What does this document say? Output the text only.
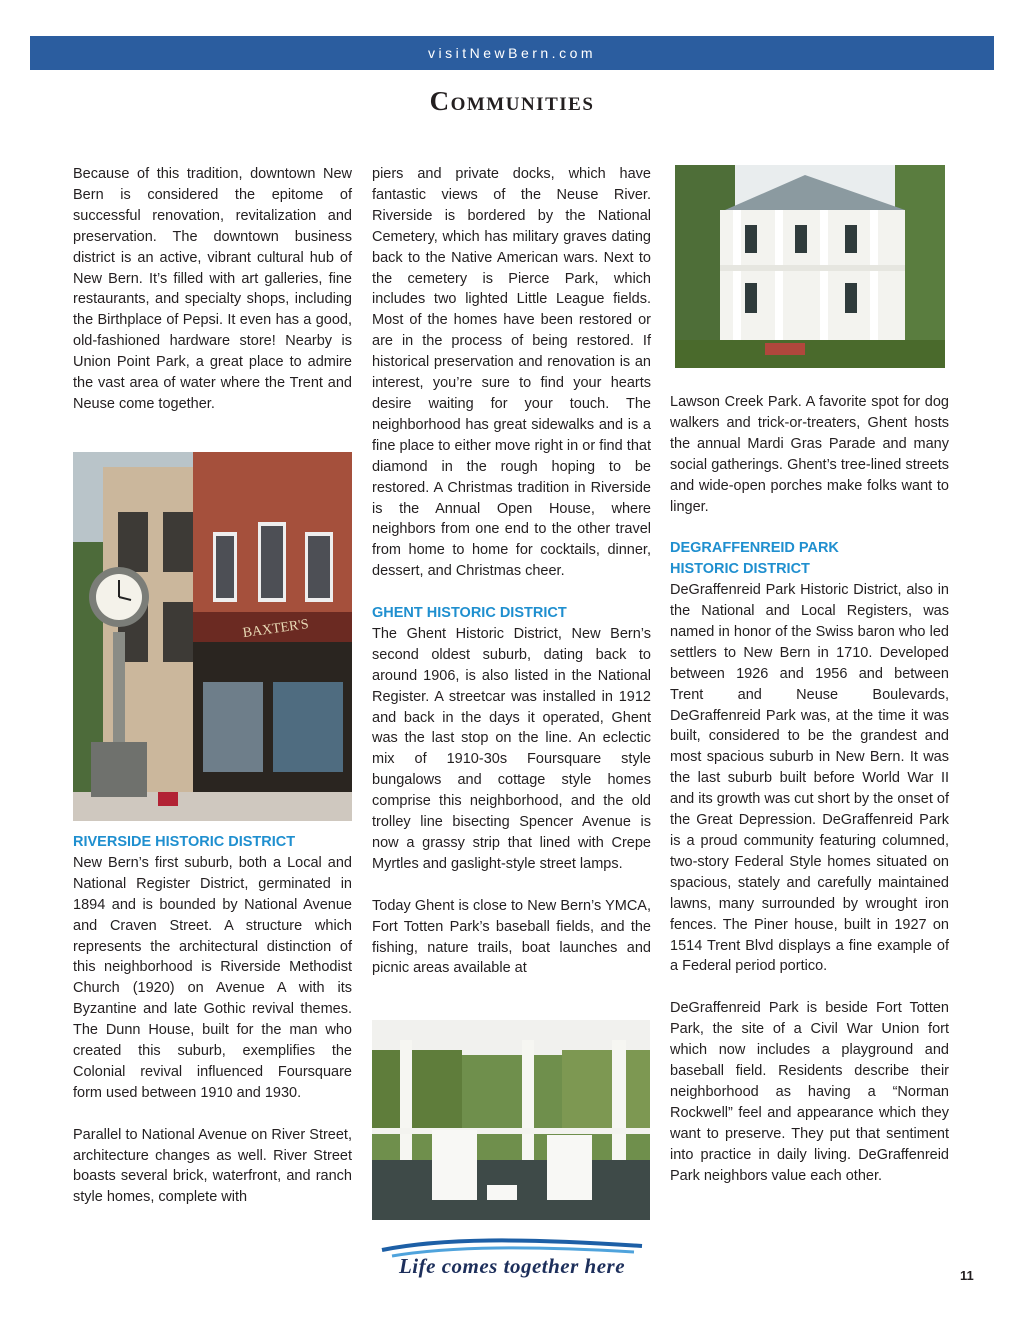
visitNewBern.com
Communities

Because of this tradition, downtown New Bern is considered the epitome of successful renovation, revitalization and preservation. The downtown business district is an active, vibrant cultural hub of New Bern. It’s filled with art galleries, fine restaurants, and specialty shops, including the Birthplace of Pepsi. It even has a good, old-fashioned hardware store! Nearby is Union Point Park, a great place to admire the vast area of water where the Trent and Neuse come together.

BAXTER'S

RIVERSIDE HISTORIC DISTRICT

New Bern’s first suburb, both a Local and National Register District, germinated in 1894 and is bounded by National Avenue and Craven Street. A structure which represents the architectural distinction of this neighborhood is Riverside Methodist Church (1920) on Avenue A with its Byzantine and late Gothic revival themes. The Dunn House, built for the man who created this suburb, exemplifies the Colonial revival influenced Foursquare form used between 1910 and 1930.

Parallel to National Avenue on River Street, architecture changes as well. River Street boasts several brick, waterfront, and ranch style homes, complete with

piers and private docks, which have fantastic views of the Neuse River. Riverside is bordered by the National Cemetery, which has military graves dating back to the Native American wars. Next to the cemetery is Pierce Park, which includes two lighted Little League fields. Most of the homes have been restored or are in the process of being restored. If historical preservation and renovation is an interest, you’re sure to find your hearts desire waiting for your touch. The neighborhood has great sidewalks and is a fine place to either move right in or find that diamond in the rough hoping to be restored. A Christmas tradition in Riverside is the Annual Open House, where neighbors from one end to the other travel from home to home for cocktails, dinner, dessert, and Christmas cheer.

GHENT HISTORIC DISTRICT

The Ghent Historic District, New Bern’s second oldest suburb, dating back to around 1906, is also listed in the National Register. A streetcar was installed in 1912 and back in the days it operated, Ghent was the last stop on the line. An eclectic mix of 1910-30s Foursquare style bungalows and cottage style homes comprise this neighborhood, and the old trolley line bisecting Spencer Avenue is now a grassy strip that lined with Crepe Myrtles and gaslight-style street lamps.

Today Ghent is close to New Bern’s YMCA, Fort Totten Park’s baseball fields, and the fishing, nature trails, boat launches and picnic areas available at

Lawson Creek Park. A favorite spot for dog walkers and trick-or-treaters, Ghent hosts the annual Mardi Gras Parade and many social gatherings. Ghent’s tree-lined streets and wide-open porches make folks want to linger.

DEGRAFFENREID PARK

HISTORIC DISTRICT

DeGraffenreid Park Historic District, also in the National and Local Registers, was named in honor of the Swiss baron who led settlers to New Bern in 1710. Developed between 1926 and 1956 and between Trent and Neuse Boulevards, DeGraffenreid Park was, at the time it was built, considered to be the grandest and most spacious suburb in New Bern. It was the last suburb built before World War II and its growth was cut short by the onset of the Great Depression. DeGraffenreid Park is a proud community featuring columned, two-story Federal Style homes situated on spacious, stately and carefully maintained lawns, many surrounded by wrought iron fences. The Piner house, built in 1927 on 1514 Trent Blvd displays a fine example of a Federal period portico.

DeGraffenreid Park is beside Fort Totten Park, the site of a Civil War Union fort which now includes a playground and baseball field. Residents describe their neighborhood as having a “Norman Rockwell” feel and appearance which they want to preserve. They put that sentiment into practice in daily living. DeGraffenreid Park neighbors value each other.

Life comes together here	11
